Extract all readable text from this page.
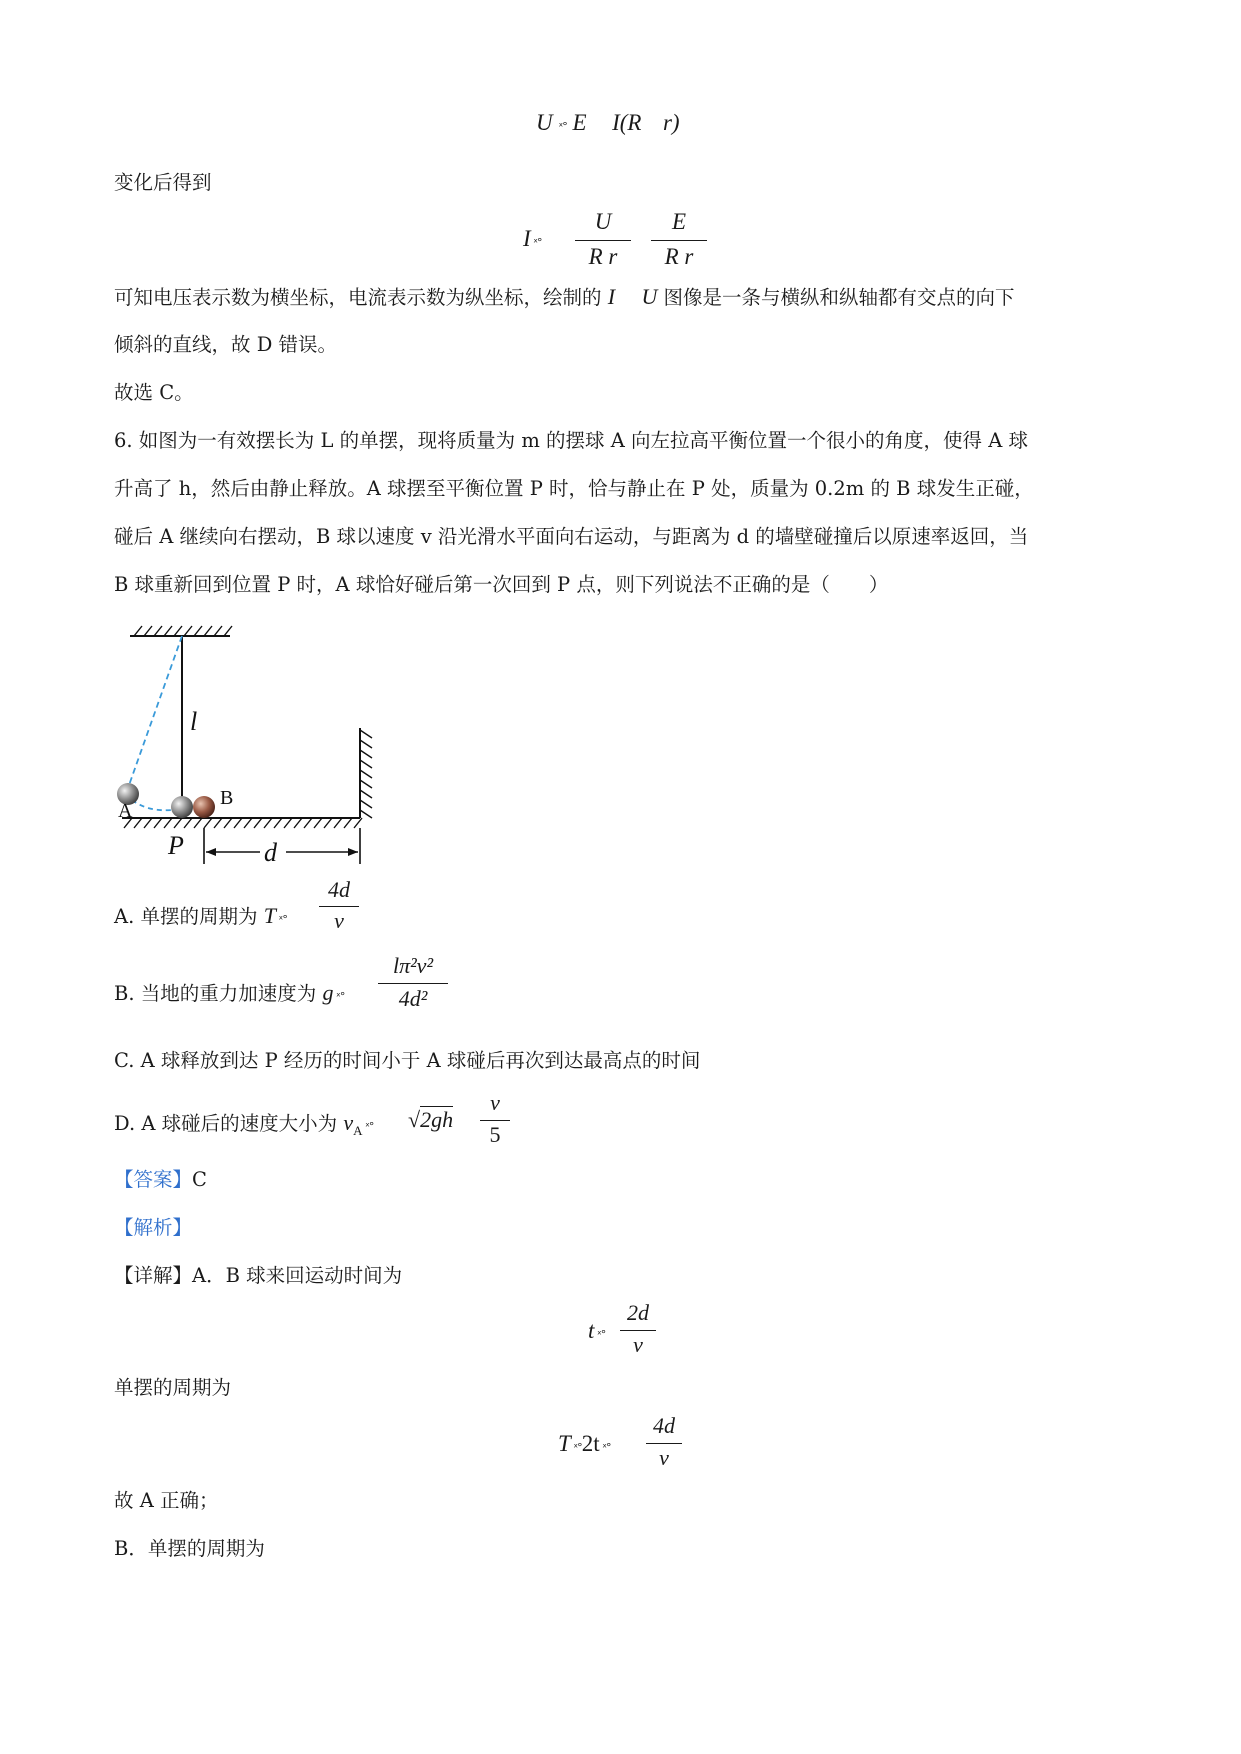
U ˣ° E I(R r)
变化后得到
I ˣ°
U
R r
E
R r
可知电压表示数为横坐标，电流表示数为纵坐标，绘制的 I U 图像是一条与横纵和纵轴都有交点的向下
倾斜的直线，故 D 错误。
故选 C。
6. 如图为一有效摆长为 L 的单摆，现将质量为 m 的摆球 A 向左拉高平衡位置一个很小的角度，使得 A 球
升高了 h，然后由静止释放。A 球摆至平衡位置 P 时，恰与静止在 P 处，质量为 0.2m 的 B 球发生正碰，
碰后 A 继续向右摆动，B 球以速度 v 沿光滑水平面向右运动，与距离为 d 的墙壁碰撞后以原速率返回，当
B 球重新回到位置 P 时，A 球恰好碰后第一次回到 P 点，则下列说法不正确的是（　　）
l
A
B
P	d
A. 单摆的周期为 T ˣ°
4d
v
B. 当地的重力加速度为 g ˣ°
lπ²v²
4d²
C. A 球释放到达 P 经历的时间小于 A 球碰后再次到达最高点的时间
D. A 球碰后的速度大小为 $v_A$ ˣ° √2gh
v
5
【答案】C
【解析】
【详解】A．B 球来回运动时间为
t ˣ°
2d
v
单摆的周期为
T ˣ°2t ˣ°
4d
v
故 A 正确；
B．单摆的周期为
